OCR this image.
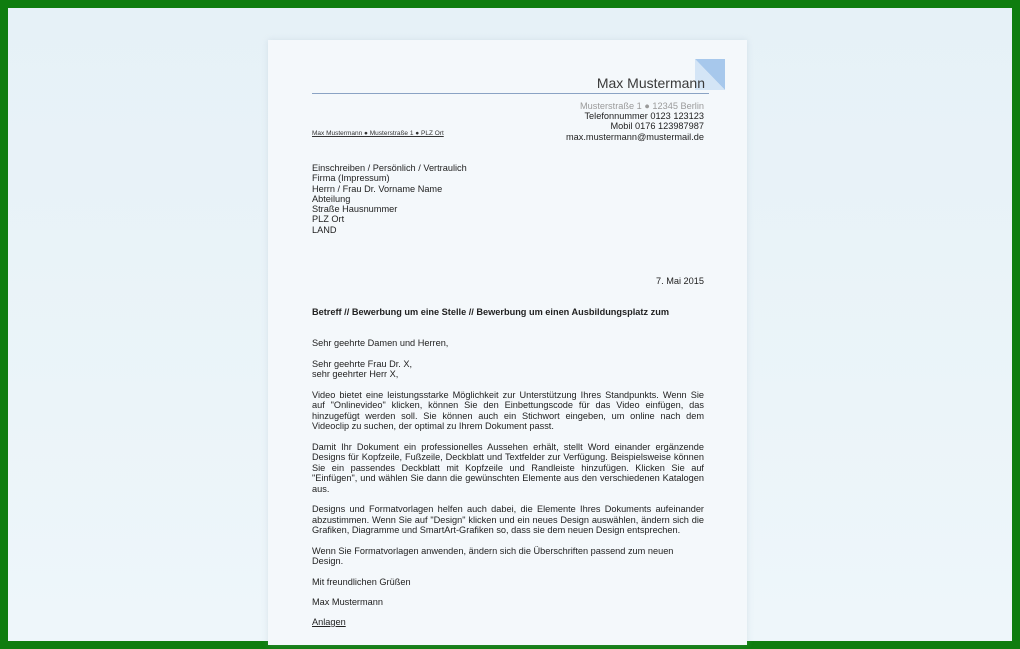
Max Mustermann
Musterstraße 1 ● 12345 Berlin
Telefonnummer 0123 123123
Mobil 0176 123987987
max.mustermann@mustermail.de
Max Mustermann ● Musterstraße 1 ● PLZ Ort
Einschreiben / Persönlich / Vertraulich
Firma (Impressum)
Herrn / Frau Dr. Vorname Name
Abteilung
Straße Hausnummer
PLZ Ort
LAND
7. Mai 2015
Betreff // Bewerbung um eine Stelle // Bewerbung um einen Ausbildungsplatz zum

Sehr geehrte Damen und Herren,

Sehr geehrte Frau Dr. X,
sehr geehrter Herr X,

Video bietet eine leistungsstarke Möglichkeit zur Unterstützung Ihres Standpunkts. Wenn Sie auf "Onlinevideo" klicken, können Sie den Einbettungscode für das Video einfügen, das hinzugefügt werden soll. Sie können auch ein Stichwort eingeben, um online nach dem Videoclip zu suchen, der optimal zu Ihrem Dokument passt.

Damit Ihr Dokument ein professionelles Aussehen erhält, stellt Word einander ergänzende Designs für Kopfzeile, Fußzeile, Deckblatt und Textfelder zur Verfügung. Beispielsweise können Sie ein passendes Deckblatt mit Kopfzeile und Randleiste hinzufügen. Klicken Sie auf "Einfügen", und wählen Sie dann die gewünschten Elemente aus den verschiedenen Katalogen aus.

Designs und Formatvorlagen helfen auch dabei, die Elemente Ihres Dokuments aufeinander abzustimmen. Wenn Sie auf "Design" klicken und ein neues Design auswählen, ändern sich die Grafiken, Diagramme und SmartArt-Grafiken so, dass sie dem neuen Design entsprechen.

Wenn Sie Formatvorlagen anwenden, ändern sich die Überschriften passend zum neuen Design.

Mit freundlichen Grüßen

Max Mustermann
Anlagen
